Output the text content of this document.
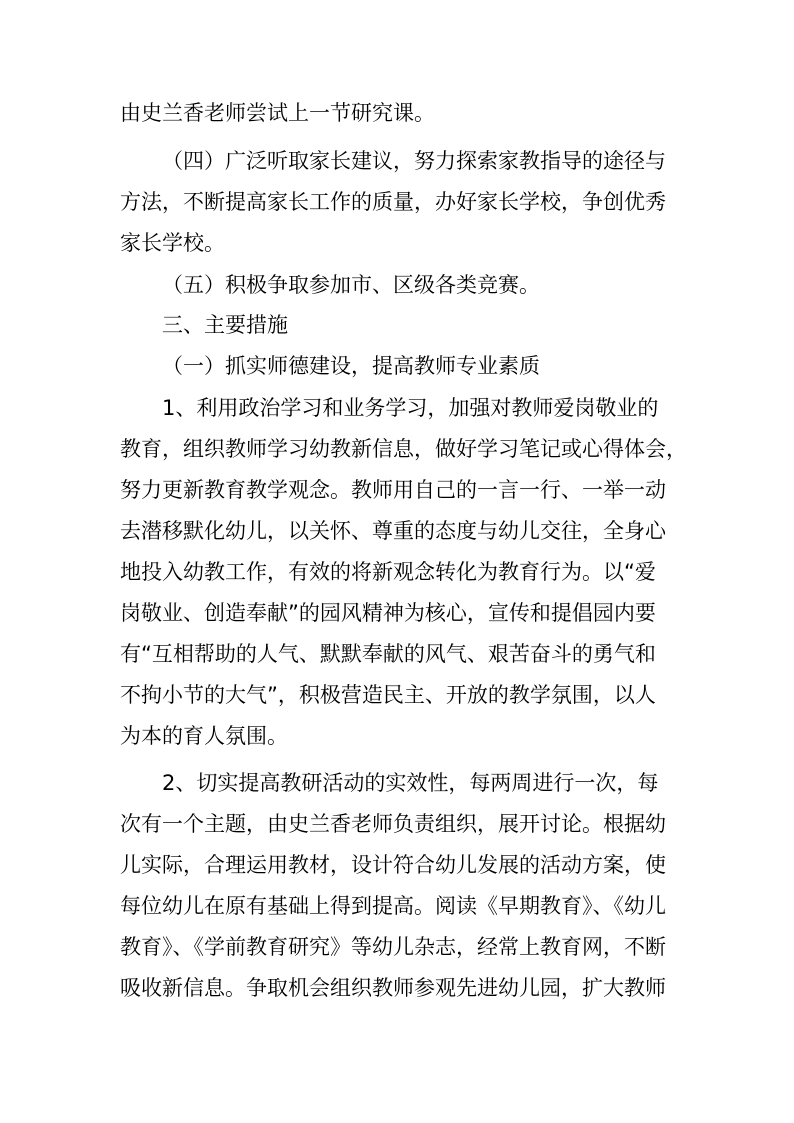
由史兰香老师尝试上一节研究课。
（四）广泛听取家长建议，努力探索家教指导的途径与
方法，不断提高家长工作的质量，办好家长学校，争创优秀
家长学校。
（五）积极争取参加市、区级各类竞赛。
三、主要措施
（一）抓实师德建设，提高教师专业素质
1、利用政治学习和业务学习，加强对教师爱岗敬业的
教育，组织教师学习幼教新信息，做好学习笔记或心得体会，
努力更新教育教学观念。教师用自己的一言一行、一举一动
去潜移默化幼儿，以关怀、尊重的态度与幼儿交往，全身心
地投入幼教工作，有效的将新观念转化为教育行为。以“爱
岗敬业、创造奉献”的园风精神为核心，宣传和提倡园内要
有“互相帮助的人气、默默奉献的风气、艰苦奋斗的勇气和
不拘小节的大气”，积极营造民主、开放的教学氛围，以人
为本的育人氛围。
2、切实提高教研活动的实效性，每两周进行一次，每
次有一个主题，由史兰香老师负责组织，展开讨论。根据幼
儿实际，合理运用教材，设计符合幼儿发展的活动方案，使
每位幼儿在原有基础上得到提高。阅读《早期教育》、《幼儿
教育》、《学前教育研究》等幼儿杂志，经常上教育网，不断
吸收新信息。争取机会组织教师参观先进幼儿园，扩大教师
